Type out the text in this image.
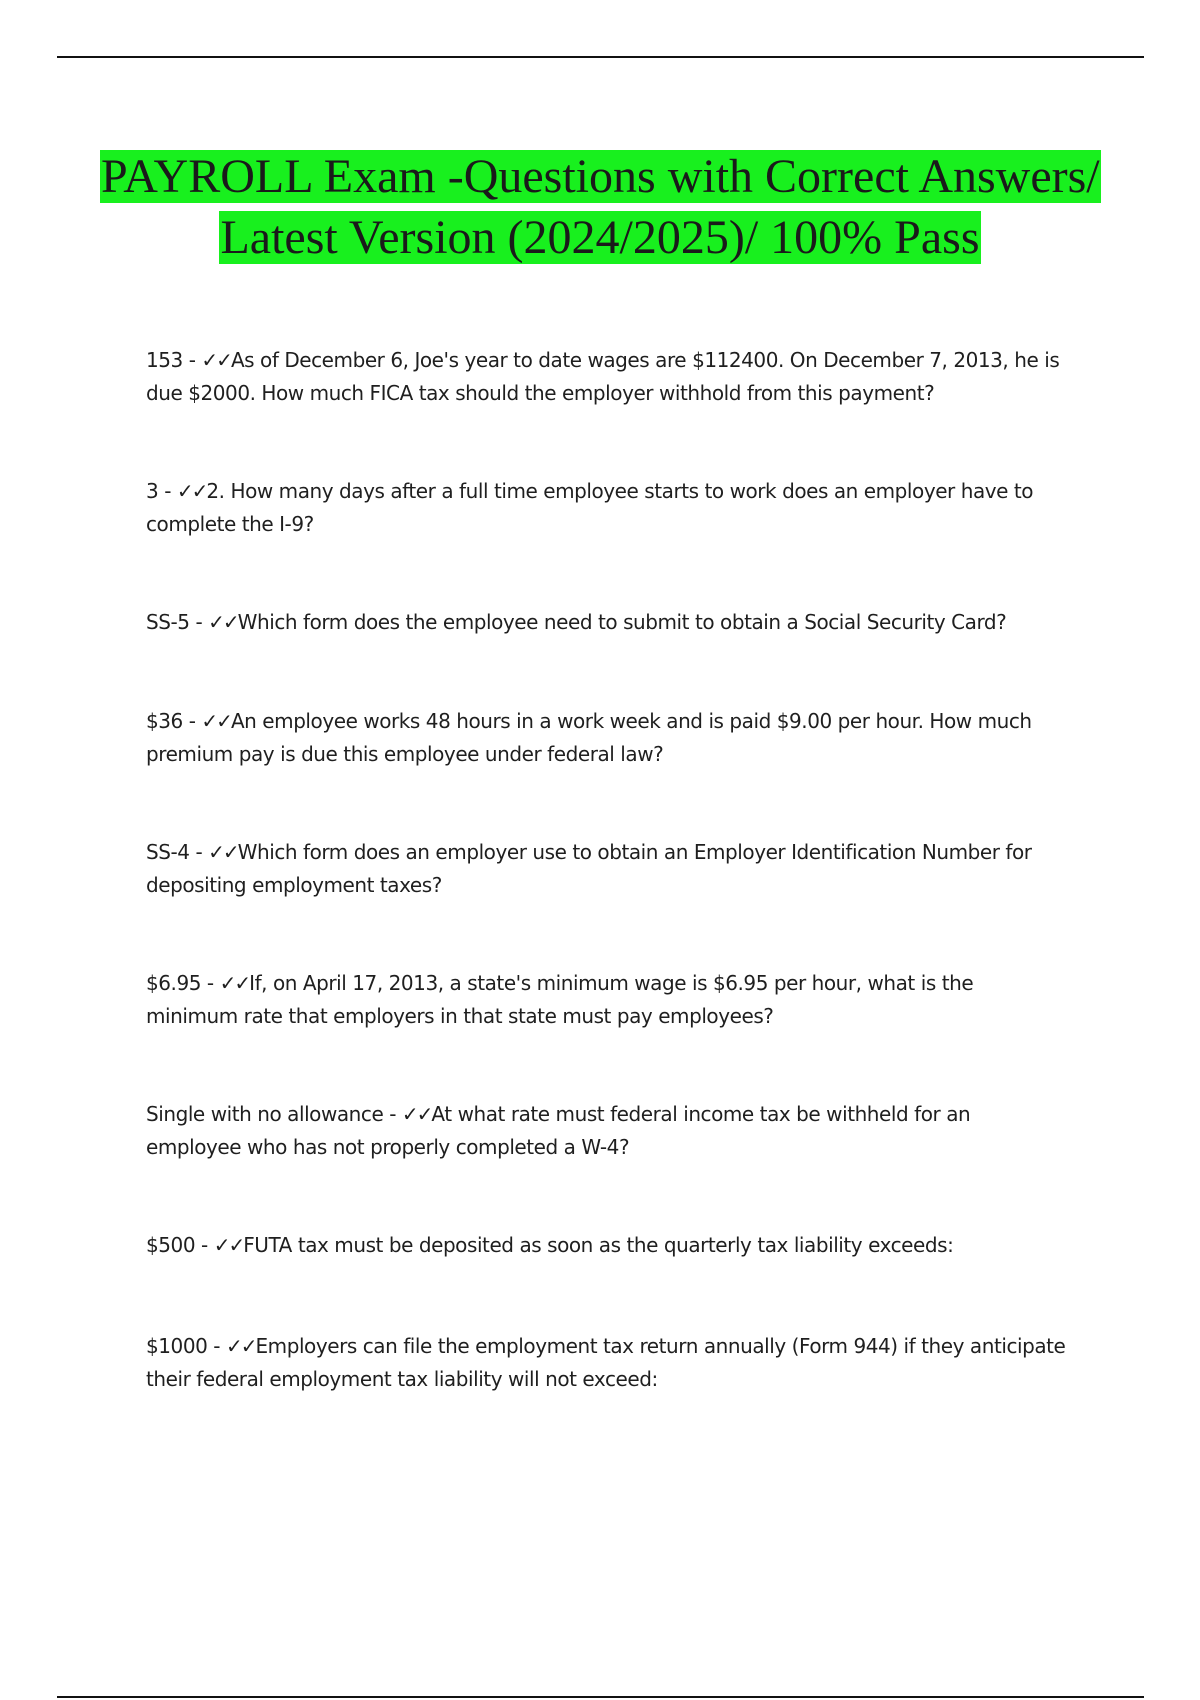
PAYROLL Exam -Questions with Correct Answers/ Latest Version (2024/2025)/ 100% Pass

153 - ✓✓As of December 6, Joe's year to date wages are $112400. On December 7, 2013, he is due $2000. How much FICA tax should the employer withhold from this payment?

3 - ✓✓2. How many days after a full time employee starts to work does an employer have to complete the I-9?

SS-5 - ✓✓Which form does the employee need to submit to obtain a Social Security Card?

$36 - ✓✓An employee works 48 hours in a work week and is paid $9.00 per hour. How much premium pay is due this employee under federal law?

SS-4 - ✓✓Which form does an employer use to obtain an Employer Identification Number for depositing employment taxes?

$6.95 - ✓✓If, on April 17, 2013, a state's minimum wage is $6.95 per hour, what is the minimum rate that employers in that state must pay employees?

Single with no allowance - ✓✓At what rate must federal income tax be withheld for an employee who has not properly completed a W-4?

$500 - ✓✓FUTA tax must be deposited as soon as the quarterly tax liability exceeds:

$1000 - ✓✓Employers can file the employment tax return annually (Form 944) if they anticipate their federal employment tax liability will not exceed:
